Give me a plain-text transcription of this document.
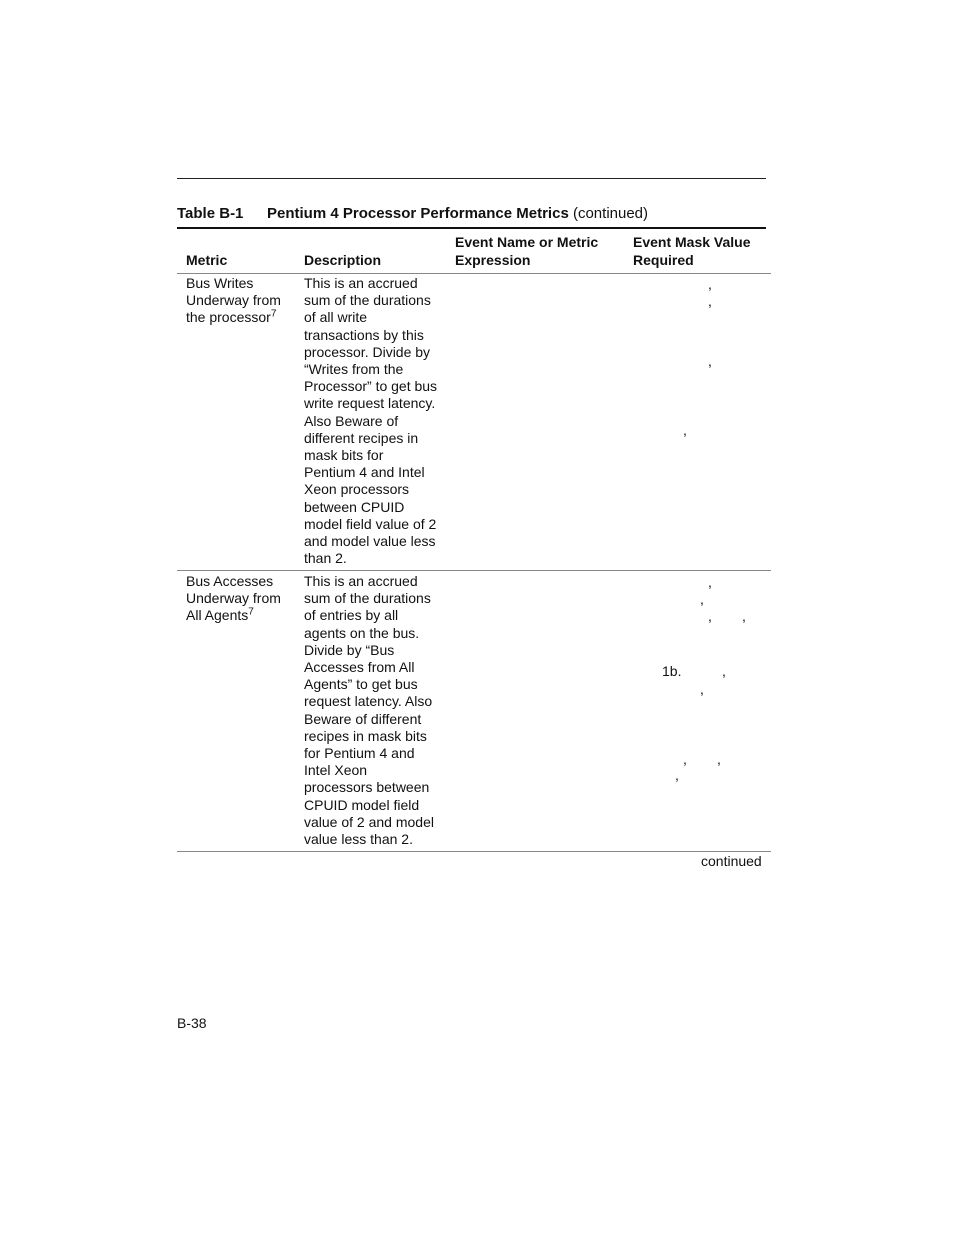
Table B-1 Pentium 4 Processor Performance Metrics (continued)
Metric	Description
Event Name or Metric
Expression
Event Mask Value
Required
Bus Writes
Underway from
the processor$^7$
This is an accrued
sum of the durations
of all write
transactions by this
processor. Divide by
“Writes from the
Processor” to get bus
write request latency.
Also Beware of
different recipes in
mask bits for
Pentium 4 and Intel
Xeon processors
between CPUID
model field value of 2
and model value less
than 2.
,
,
,
,
Bus Accesses
Underway from
All Agents$^7$
This is an accrued
sum of the durations
of entries by all
agents on the bus.
Divide by “Bus
Accesses from All
Agents” to get bus
request latency. Also
Beware of different
recipes in mask bits
for Pentium 4 and
Intel Xeon
processors between
CPUID model field
value of 2 and model
value less than 2.
,
,
, ,
1b.	,
,
, ,
,
continued
B-38
